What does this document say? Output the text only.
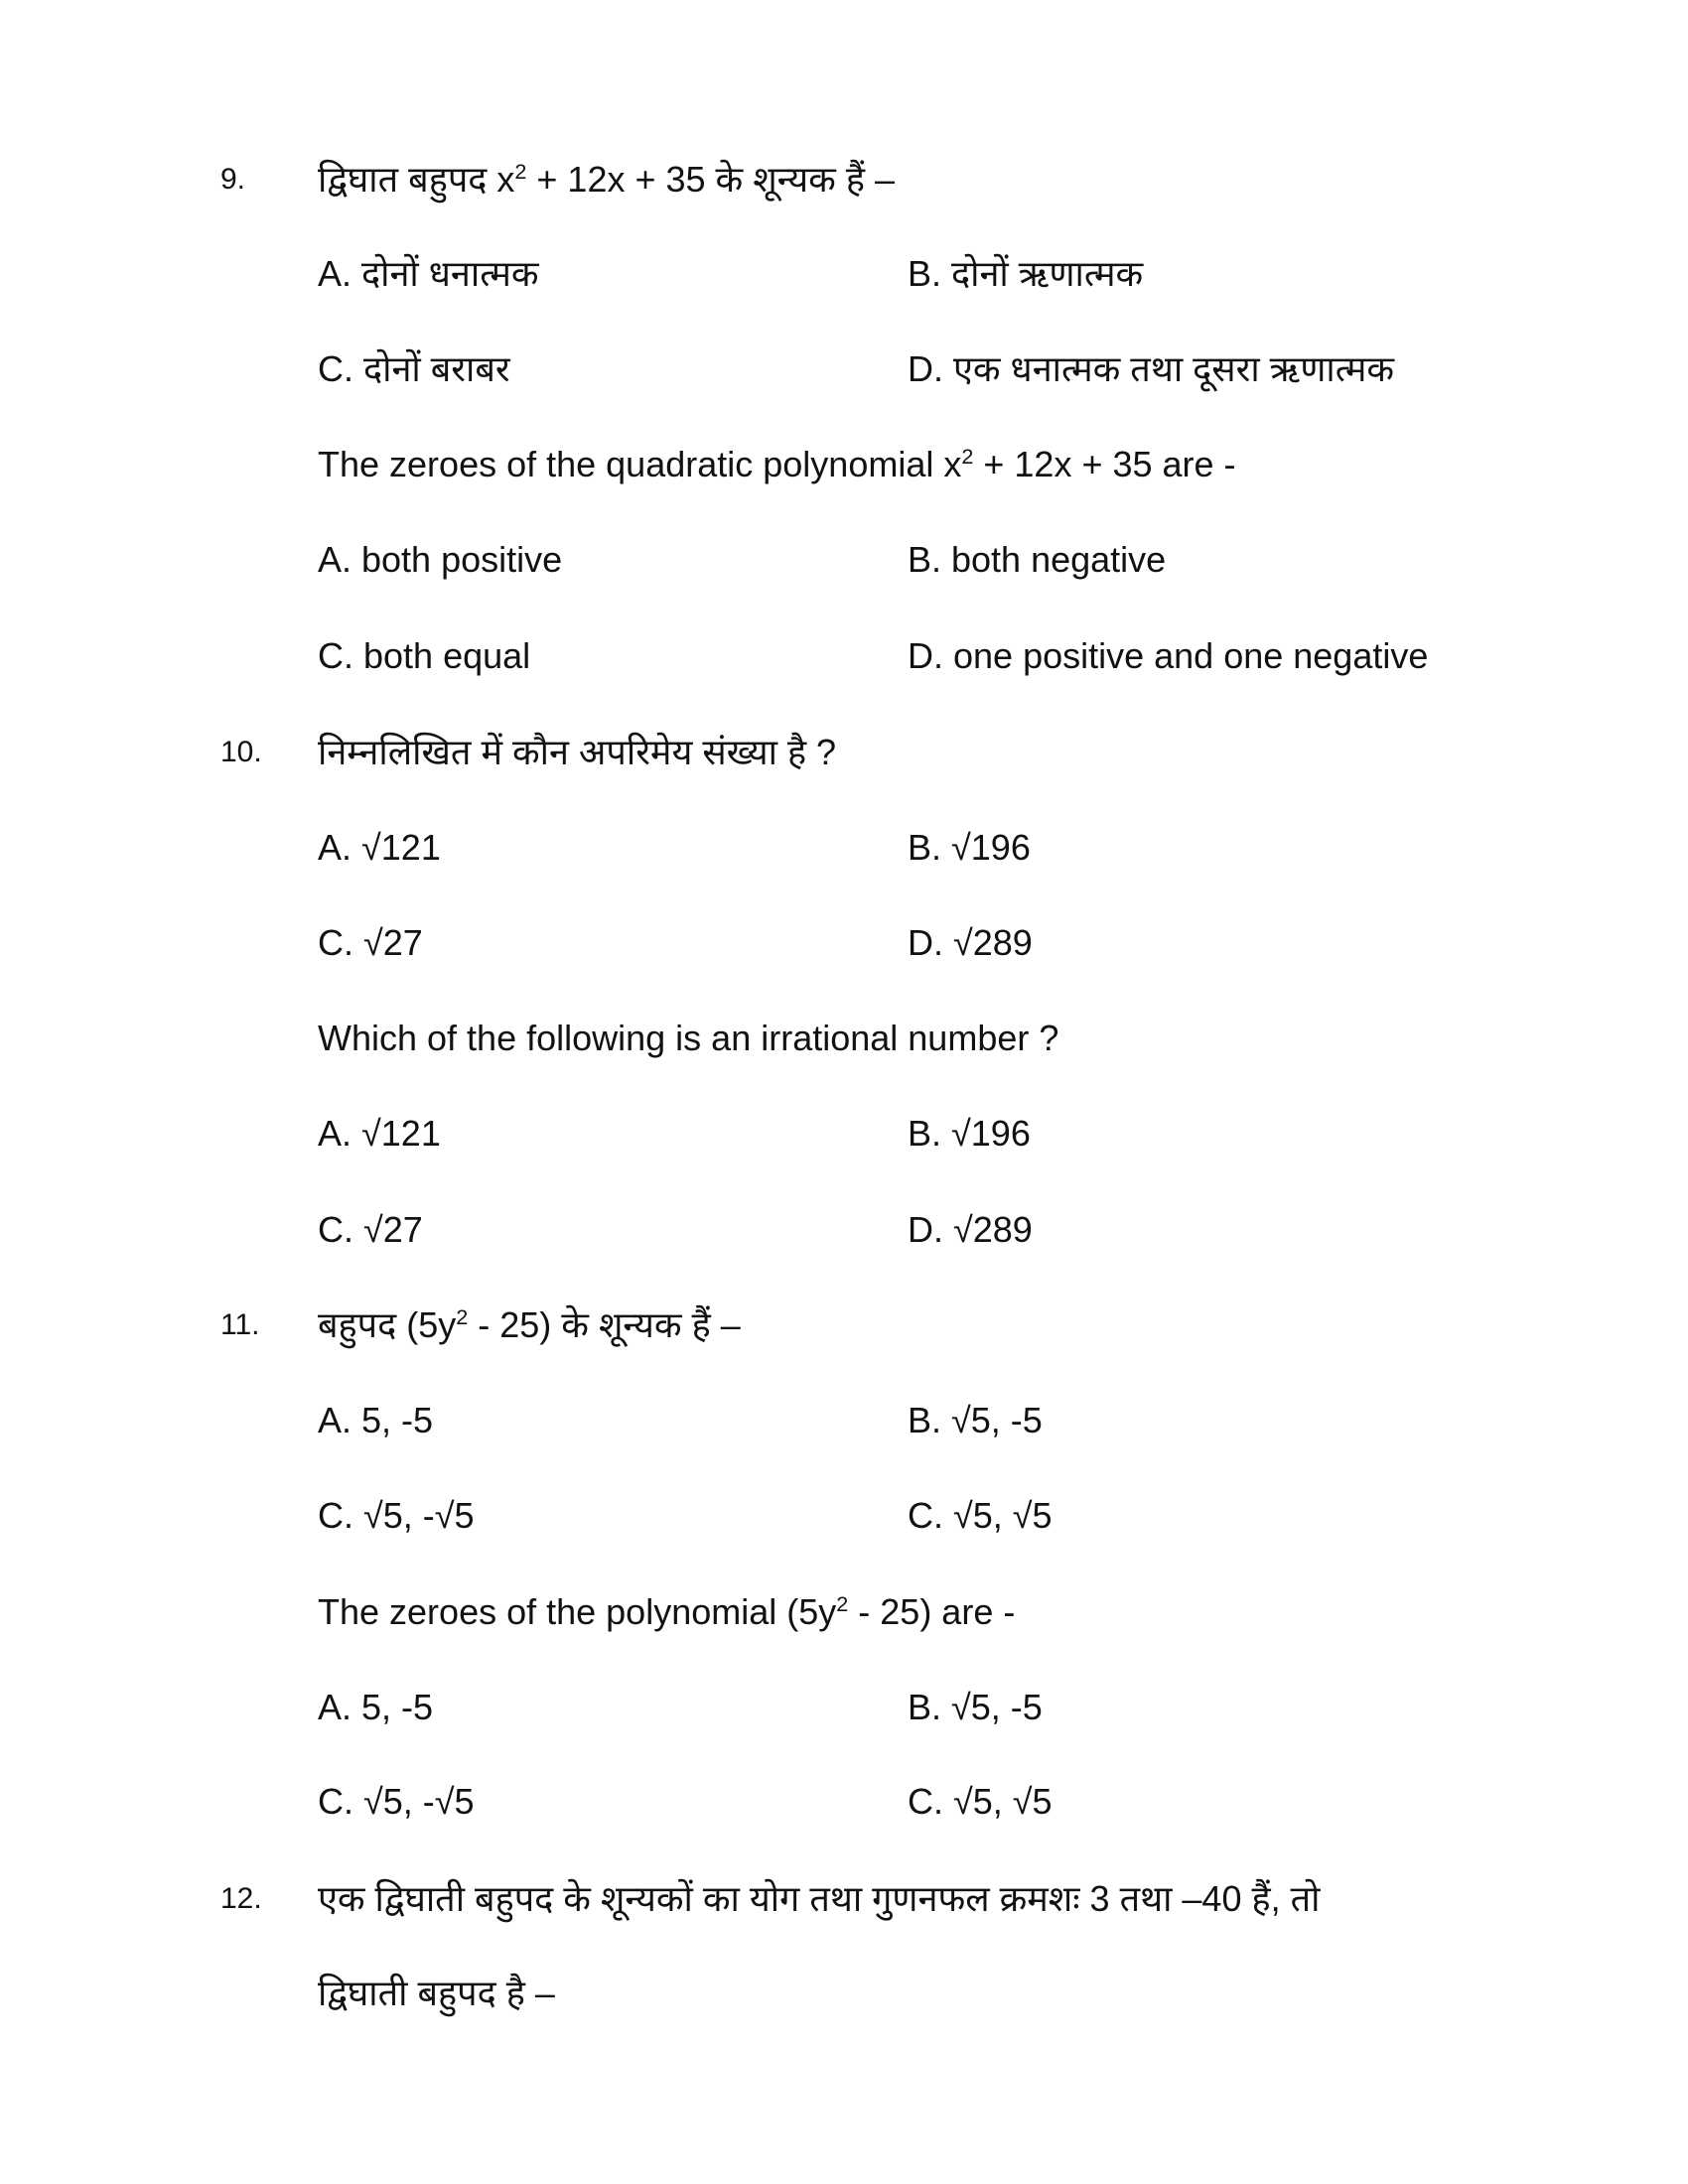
9. द्विघात बहुपद $x^2 + 12x + 35$ के शून्यक हैं –
A. दोनों धनात्मक	B. दोनों ऋणात्मक
C. दोनों बराबर	D. एक धनात्मक तथा दूसरा ऋणात्मक
The zeroes of the quadratic polynomial $x^2 + 12x + 35$ are -
A. both positive	B. both negative
C. both equal	D. one positive and one negative
10. निम्नलिखित में कौन अपरिमेय संख्या है ?
A. √121	B. √196
C. √27	D. √289
Which of the following is an irrational number ?
A. √121	B. √196
C. √27	D. √289
11. बहुपद $(5y^2 - 25)$ के शून्यक हैं –
A. 5, -5	B. √5, -5
C. √5, -√5	C. √5, √5
The zeroes of the polynomial $(5y^2 - 25)$ are -
A. 5, -5	B. √5, -5
C. √5, -√5	C. √5, √5
12. एक द्विघाती बहुपद के शून्यकों का योग तथा गुणनफल क्रमशः 3 तथा –40 हैं, तो
द्विघाती बहुपद है –
